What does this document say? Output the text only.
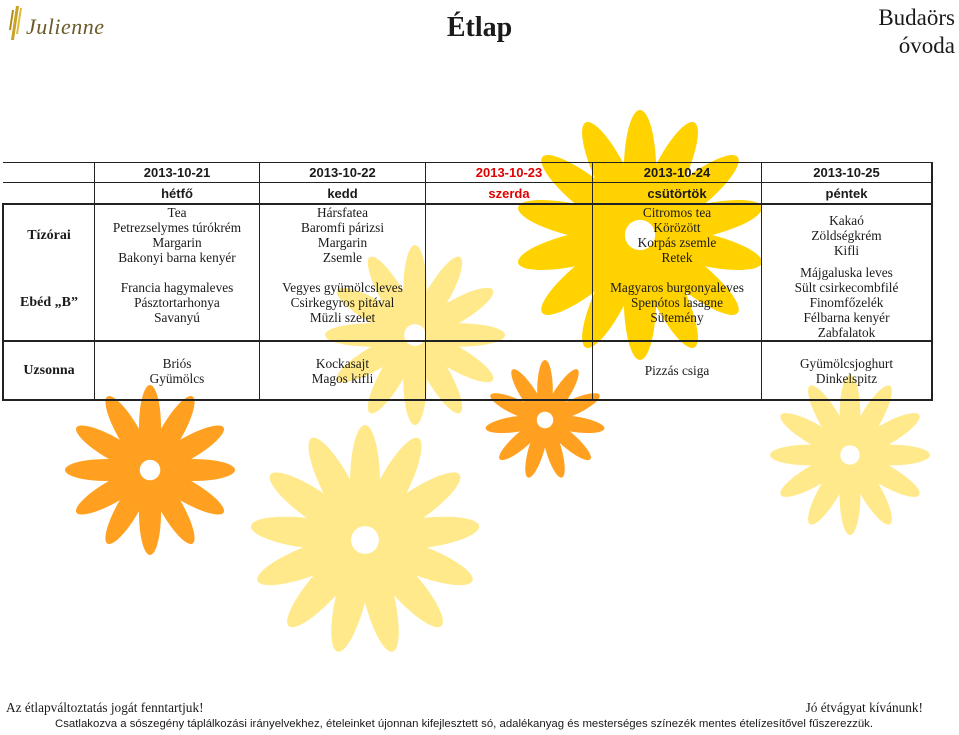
Julienne	Étlap	Budaörs
óvoda
	2013-10-21	2013-10-22	2013-10-23	2013-10-24	2013-10-25
	hétfő	kedd	szerda	csütörtök	péntek
Tízórai	Tea
Petrezselymes túrókrém
Margarin
Bakonyi barna kenyér	Hársfatea
Baromfi párizsi
Margarin
Zsemle		Citromos tea
Körözött
Korpás zsemle
Retek	Kakaó
Zöldségkrém
Kifli

Ebéd „B”	Francia hagymaleves
Pásztortarhonya
Savanyú	Vegyes gyümölcsleves
Csirkegyros pitával
Müzli szelet		Magyaros burgonyaleves
Spenótos lasagne
Sütemény	Májgaluska leves
Sült csirkecombfilé
Finomfőzelék
Félbarna kenyér
Zabfalatok

Uzsonna	Briós
Gyümölcs	Kockasajt
Magos kifli		Pizzás csiga	Gyümölcsjoghurt
Dinkelspitz
Az étlapváltoztatás jogát fenntartjuk!	Jó étvágyat kívánunk!
Csatlakozva a sószegény táplálkozási irányelvekhez, ételeinket újonnan kifejlesztett só, adalékanyag és mesterséges színezék mentes ételízesítővel fűszerezzük.
